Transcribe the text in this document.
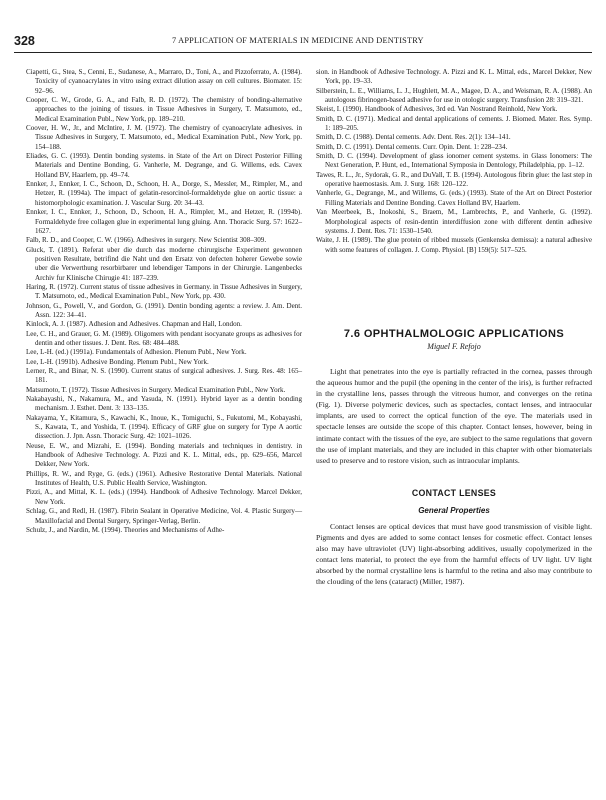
328	7 APPLICATION OF MATERIALS IN MEDICINE AND DENTISTRY

Ciapetti, G., Stea, S., Cenni, E., Sudanese, A., Marraro, D., Toni, A., and Pizzoferrato, A. (1984). Toxicity of cyanoacrylates in vitro using extract dilution assay on cell cultures. Biomater. 15: 92–96.

Cooper, C. W., Grode, G. A., and Falb, R. D. (1972). The chemistry of bonding-alternative approaches to the joining of tissues. in Tissue Adhesives in Surgery, T. Matsumoto, ed., Medical Examination Publ., New York, pp. 189–210.

Coover, H. W., Jr., and McIntire, J. M. (1972). The chemistry of cyanoacrylate adhesives. in Tissue Adhesives in Surgery, T. Matsumoto, ed., Medical Examination Publ., New York, pp. 154–188.

Eliades, G. C. (1993). Dentin bonding systems. in State of the Art on Direct Posterior Filling Materials and Dentine Bonding, G. Vanherle, M. Degrange, and G. Willems, eds. Cavex Holland BV, Haarlem, pp. 49–74.

Ennker, J., Ennker, I. C., Schoon, D., Schoon, H. A., Dorge, S., Messler, M., Rimpler, M., and Hetzer, R. (1994a). The impact of gelatin-resorcinol-formaldehyde glue on aortic tissue: a histomorphologic examination. J. Vascular Surg. 20: 34–43.

Ennker, I. C., Ennker, J., Schoon, D., Schoon, H. A., Rimpler, M., and Hetzer, R. (1994b). Formaldehyde free collagen glue in experimental lung gluing. Ann. Thoracic Surg. 57: 1622–1627.

Falb, R. D., and Cooper, C. W. (1966). Adhesives in surgery. New Scientist 308–309.

Gluck, T. (1891). Referat uber die durch das moderne chirurgische Experiment gewonnen positiven Resultate, betrifind die Naht und den Ersatz von defecten hoherer Gewebe sowie uber die Verwerthung resorbirbarer und lebendiger Tampons in der Chirurgie. Langenbecks Archiv fur Klinische Chirugie 41: 187–239.

Haring, R. (1972). Current status of tissue adhesives in Germany. in Tissue Adhesives in Surgery, T. Matsumoto, ed., Medical Examination Publ., New York, pp. 430.

Johnson, G., Powell, V., and Gordon, G. (1991). Dentin bonding agents: a review. J. Am. Dent. Assn. 122: 34–41.

Kinlock, A. J. (1987). Adhesion and Adhesives. Chapman and Hall, London.

Lee, C. H., and Grauer, G. M. (1989). Oligomers with pendant isocyanate groups as adhesives for dentin and other tissues. J. Dent. Res. 68: 484–488.

Lee, L-H. (ed.) (1991a). Fundamentals of Adhesion. Plenum Publ., New York.

Lee, L-H. (1991b). Adhesive Bonding. Plenum Publ., New York.

Lerner, R., and Binar, N. S. (1990). Current status of surgical adhesives. J. Surg. Res. 48: 165–181.

Matsumoto, T. (1972). Tissue Adhesives in Surgery. Medical Examination Publ., New York.

Nakabayashi, N., Nakamura, M., and Yasuda, N. (1991). Hybrid layer as a dentin bonding mechanism. J. Esthet. Dent. 3: 133–135.

Nakayama, Y., Kitamura, S., Kawachi, K., Inoue, K., Tomiguchi, S., Fukutomi, M., Kobayashi, S., Kawata, T., and Yoshida, T. (1994). Efficacy of GRF glue on surgery for Type A aortic dissection. J. Jpn. Assn. Thoracic Surg. 42: 1021–1026.

Neuse, E. W., and Mizrahi, E. (1994). Bonding materials and techniques in dentistry. in Handbook of Adhesive Technology. A. Pizzi and K. L. Mittal, eds., pp. 629–656, Marcel Dekker, New York.

Phillips, R. W., and Ryge, G. (eds.) (1961). Adhesive Restorative Dental Materials. National Institutes of Health, U.S. Public Health Service, Washington.

Pizzi, A., and Mittal, K. L. (eds.) (1994). Handbook of Adhesive Technology. Marcel Dekker, New York.

Schlag, G., and Redl, H. (1987). Fibrin Sealant in Operative Medicine, Vol. 4. Plastic Surgery—Maxillofacial and Dental Surgery, Springer-Verlag, Berlin.

Schulz, J., and Nardin, M. (1994). Theories and Mechanisms of Adhe-

sion. in Handbook of Adhesive Technology. A. Pizzi and K. L. Mittal, eds., Marcel Dekker, New York, pp. 19–33.

Silberstein, L. E., Williams, L. J., Hughlett, M. A., Magee, D. A., and Weisman, R. A. (1988). An autologous fibrinogen-based adhesive for use in otologic surgery. Transfusion 28: 319–321.

Skeist, I. (1990). Handbook of Adhesives, 3rd ed. Van Nostrand Reinhold, New York.

Smith, D. C. (1971). Medical and dental applications of cements. J. Biomed. Mater. Res. Symp. 1: 189–205.

Smith, D. C. (1988). Dental cements. Adv. Dent. Res. 2(1): 134–141.

Smith, D. C. (1991). Dental cements. Curr. Opin. Dent. 1: 228–234.

Smith, D. C. (1994). Development of glass ionomer cement systems. in Glass Ionomers: The Next Generation, P. Hunt, ed., International Symposia in Dentology, Philadelphia, pp. 1–12.

Tawes, R. L., Jr., Sydorak, G. R., and DuVall, T. B. (1994). Autologous fibrin glue: the last step in operative haemostasis. Am. J. Surg. 168: 120–122.

Vanherle, G., Degrange, M., and Willems, G. (eds.) (1993). State of the Art on Direct Posterior Filling Materials and Dentine Bonding. Cavex Holland BV, Haarlem.

Van Meerbeek, B., Inokoshi, S., Braem, M., Lambrechts, P., and Vanherle, G. (1992). Morphological aspects of resin-dentin interdiffusion zone with different dentin adhesive systems. J. Dent. Res. 71: 1530–1540.

Waite, J. H. (1989). The glue protein of ribbed mussels (Genkenska demissa): a natural adhesive with some features of collagen. J. Comp. Physiol. [B] 159(5): 517–525.

7.6 OPHTHALMOLOGIC APPLICATIONS
Miguel F. Refojo

Light that penetrates into the eye is partially refracted in the cornea, passes through the aqueous humor and the pupil (the opening in the center of the iris), is further refracted in the crystalline lens, passes through the vitreous humor, and converges on the retina (Fig. 1). Diverse polymeric devices, such as spectacles, contact lenses, and intraocular implants, are used to correct the optical function of the eye. The materials used in spectacle lenses are outside the scope of this chapter. Contact lenses, however, being in intimate contact with the tissues of the eye, are subject to the same regulations that govern the use of implant materials, and they are included in this chapter with other biomaterials used to preserve and to restore vision, such as intraocular implants.

CONTACT LENSES
General Properties

Contact lenses are optical devices that must have good transmission of visible light. Pigments and dyes are added to some contact lenses for cosmetic effect. Contact lenses also may have ultraviolet (UV) light-absorbing additives, usually copolymerized in the contact lens material, to protect the eye from the harmful effects of UV light. UV light absorbed by the normal crystalline lens is harmful to the retina and also may contribute to the clouding of the lens (cataract) (Miller, 1987).
